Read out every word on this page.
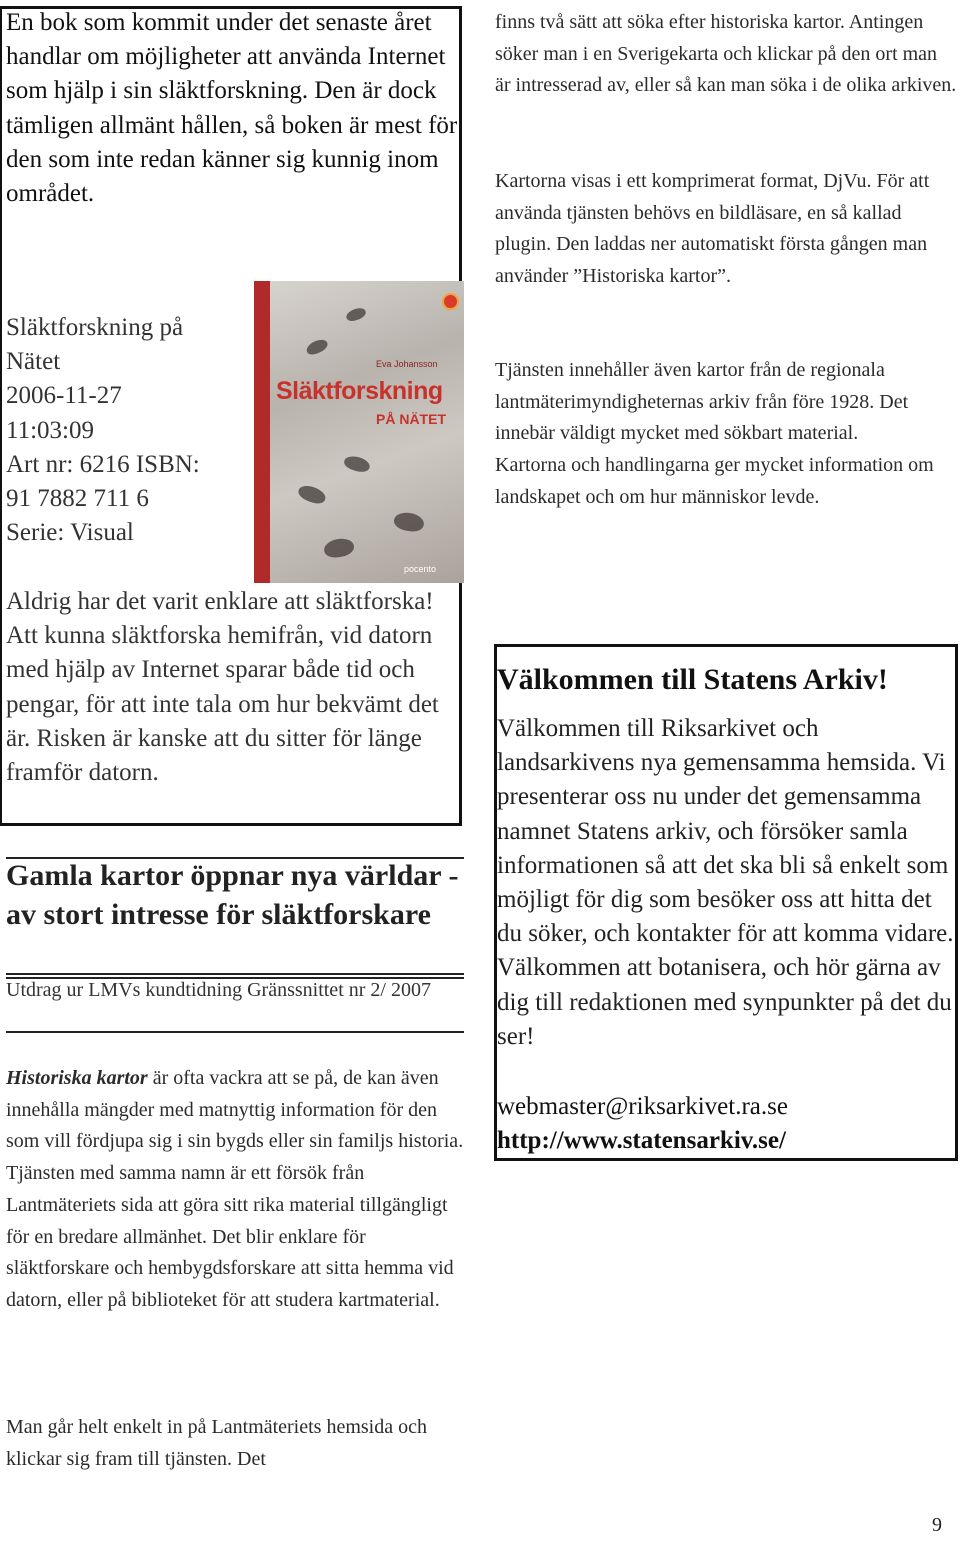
En bok som kommit under det senaste året handlar om möjligheter att använda Internet som hjälp i sin släktforskning. Den är dock tämligen allmänt hållen, så boken är mest för den som inte redan känner sig kunnig inom området.
Släktforskning på
Nätet
2006-11-27
11:03:09
Art nr: 6216 ISBN:
91 7882 711 6
Serie: Visual
Eva Johansson
Släktforskning
PÅ NÄTET
pocento
Aldrig har det varit enklare att släktforska! Att kunna släktforska hemifrån, vid datorn med hjälp av Internet sparar både tid och pengar, för att inte tala om hur bekvämt det är. Risken är kanske att du sitter för länge framför datorn.
Gamla kartor öppnar nya världar - av stort intresse för släktforskare
Utdrag ur LMVs kundtidning Gränssnittet nr 2/ 2007

Historiska kartor är ofta vackra att se på, de kan även innehålla mängder med matnyttig information för den som vill fördjupa sig i sin bygds eller sin familjs historia.

Tjänsten med samma namn är ett försök från Lantmäteriets sida att göra sitt rika material tillgängligt för en bredare allmänhet. Det blir enklare för släktforskare och hembygdsforskare att sitta hemma vid datorn, eller på biblioteket för att studera kartmaterial.

Man går helt enkelt in på Lantmäteriets hemsida och klickar sig fram till tjänsten. Det
finns två sätt att söka efter historiska kartor. Antingen söker man i en Sverigekarta och klickar på den ort man är intresserad av, eller så kan man söka i de olika arkiven.
Kartorna visas i ett komprimerat format, DjVu. För att använda tjänsten behövs en bildläsare, en så kallad plugin. Den laddas ner automatiskt första gången man använder ”Historiska kartor”.
Tjänsten innehåller även kartor från de regionala lantmäterimyndigheternas arkiv från före 1928. Det innebär väldigt mycket med sökbart material.
Kartorna och handlingarna ger mycket information om landskapet och om hur människor levde.
Välkommen till Statens Arkiv!
Välkommen till Riksarkivet och landsarkivens nya gemensamma hemsida. Vi presenterar oss nu under det gemensamma namnet Statens arkiv, och försöker samla informationen så att det ska bli så enkelt som möjligt för dig som besöker oss att hitta det du söker, och kontakter för att komma vidare. Välkommen att botanisera, och hör gärna av dig till redaktionen med synpunkter på det du ser!
webmaster@riksarkivet.ra.se
http://www.statensarkiv.se/
9
